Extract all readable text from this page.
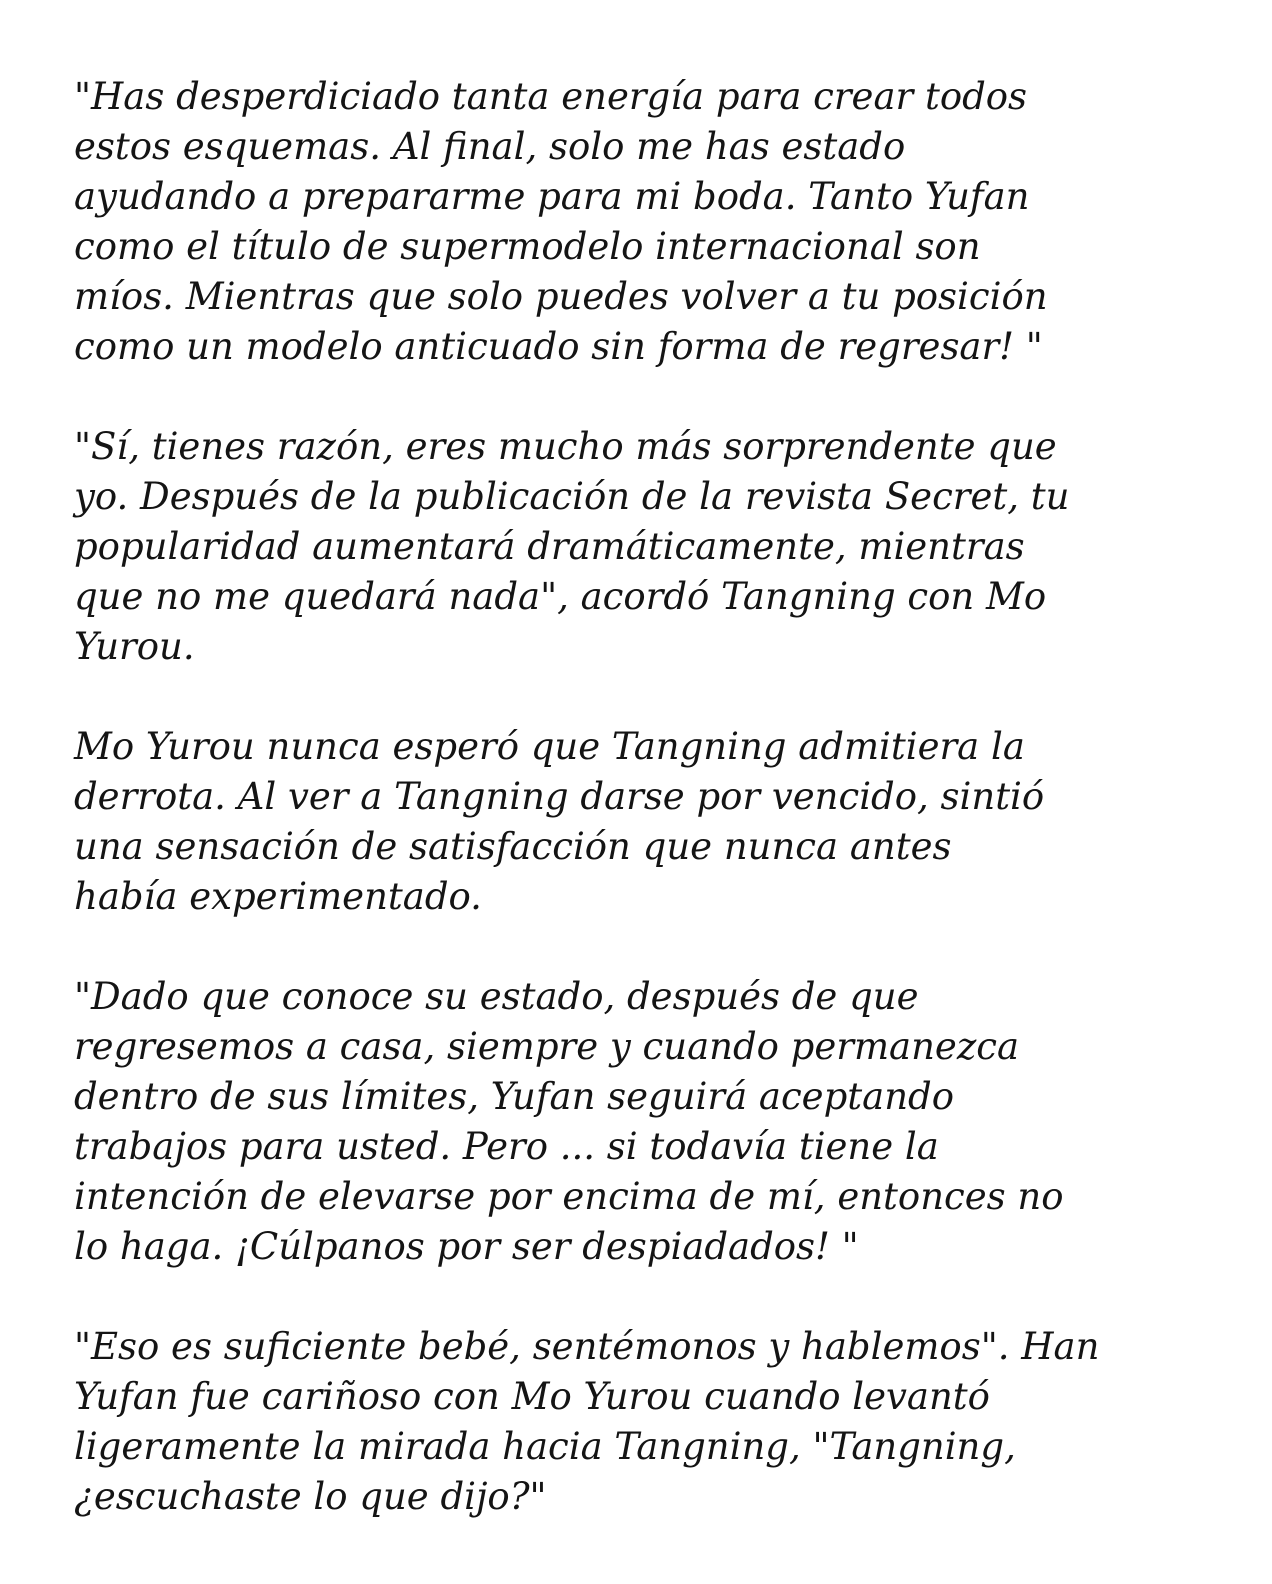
"Has desperdiciado tanta energía para crear todos
estos esquemas. Al final, solo me has estado
ayudando a prepararme para mi boda. Tanto Yufan
como el título de supermodelo internacional son
míos. Mientras que solo puedes volver a tu posición
como un modelo anticuado sin forma de regresar! "

"Sí, tienes razón, eres mucho más sorprendente que
yo. Después de la publicación de la revista Secret, tu
popularidad aumentará dramáticamente, mientras
que no me quedará nada", acordó Tangning con Mo
Yurou.

Mo Yurou nunca esperó que Tangning admitiera la
derrota. Al ver a Tangning darse por vencido, sintió
una sensación de satisfacción que nunca antes
había experimentado.

"Dado que conoce su estado, después de que
regresemos a casa, siempre y cuando permanezca
dentro de sus límites, Yufan seguirá aceptando
trabajos para usted. Pero ... si todavía tiene la
intención de elevarse por encima de mí, entonces no
lo haga. ¡Cúlpanos por ser despiadados! "

"Eso es suficiente bebé, sentémonos y hablemos". Han
Yufan fue cariñoso con Mo Yurou cuando levantó
ligeramente la mirada hacia Tangning, "Tangning,
¿escuchaste lo que dijo?"
